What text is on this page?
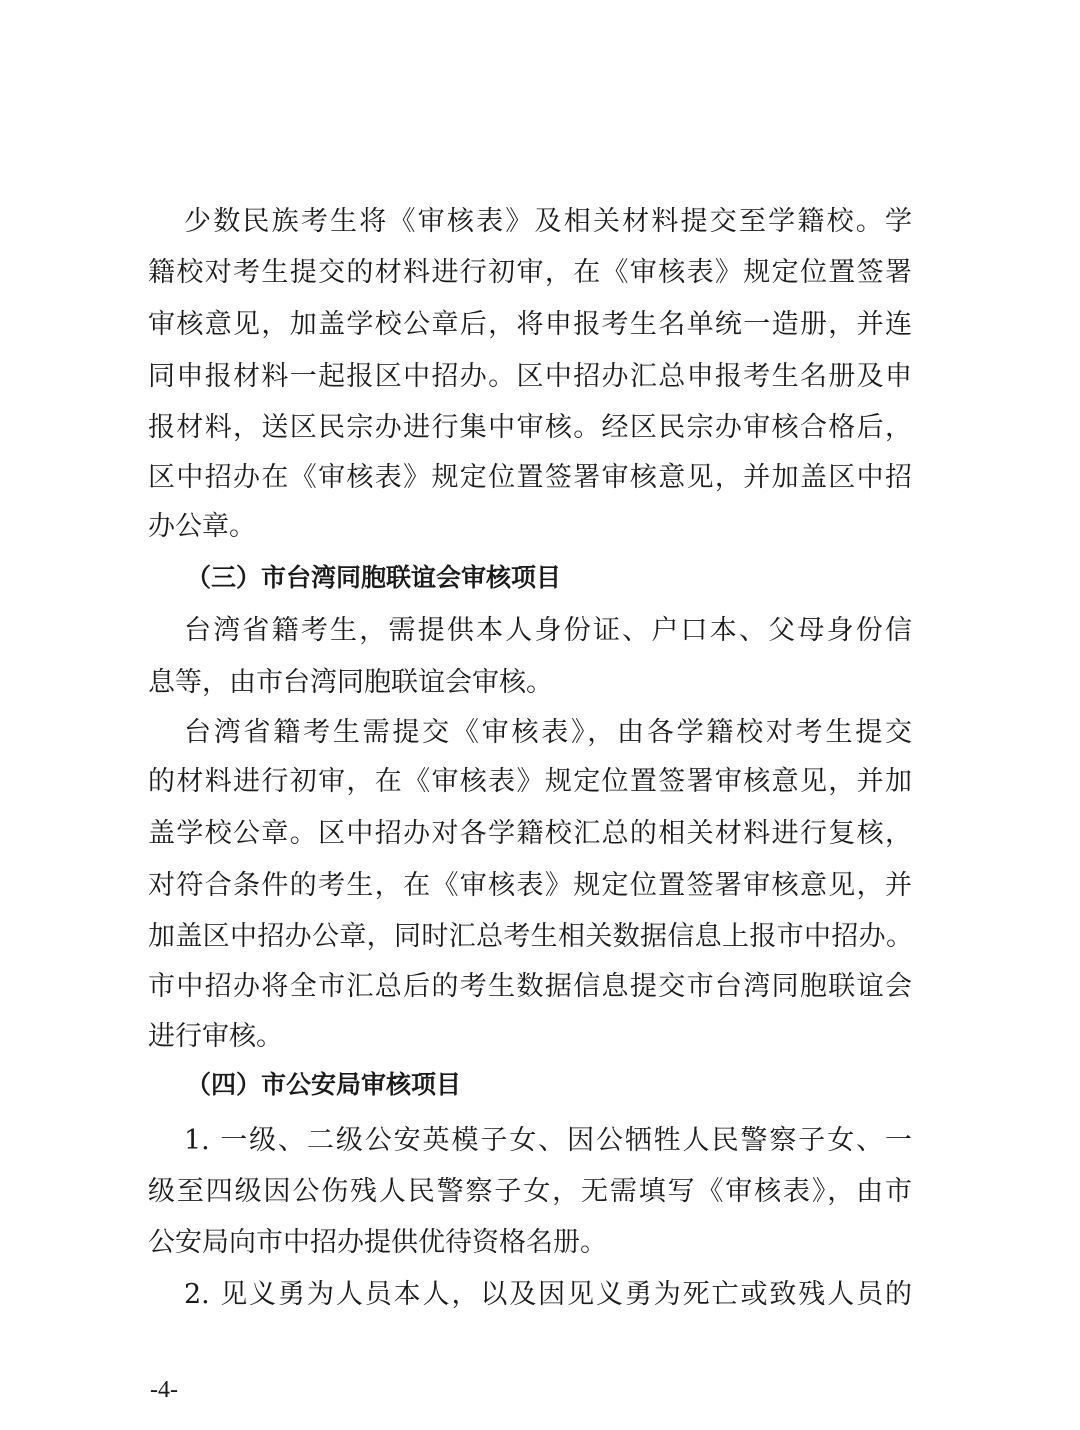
少数民族考生将《审核表》及相关材料提交至学籍校。学
籍校对考生提交的材料进行初审，在《审核表》规定位置签署
审核意见，加盖学校公章后，将申报考生名单统一造册，并连
同申报材料一起报区中招办。区中招办汇总申报考生名册及申
报材料，送区民宗办进行集中审核。经区民宗办审核合格后，
区中招办在《审核表》规定位置签署审核意见，并加盖区中招
办公章。
（三）市台湾同胞联谊会审核项目
台湾省籍考生，需提供本人身份证、户口本、父母身份信
息等，由市台湾同胞联谊会审核。
台湾省籍考生需提交《审核表》，由各学籍校对考生提交
的材料进行初审，在《审核表》规定位置签署审核意见，并加
盖学校公章。区中招办对各学籍校汇总的相关材料进行复核，
对符合条件的考生，在《审核表》规定位置签署审核意见，并
加盖区中招办公章，同时汇总考生相关数据信息上报市中招办。
市中招办将全市汇总后的考生数据信息提交市台湾同胞联谊会
进行审核。
（四）市公安局审核项目
1. 一级、二级公安英模子女、因公牺牲人民警察子女、一
级至四级因公伤残人民警察子女，无需填写《审核表》，由市
公安局向市中招办提供优待资格名册。
2. 见义勇为人员本人，以及因见义勇为死亡或致残人员的
-4-
